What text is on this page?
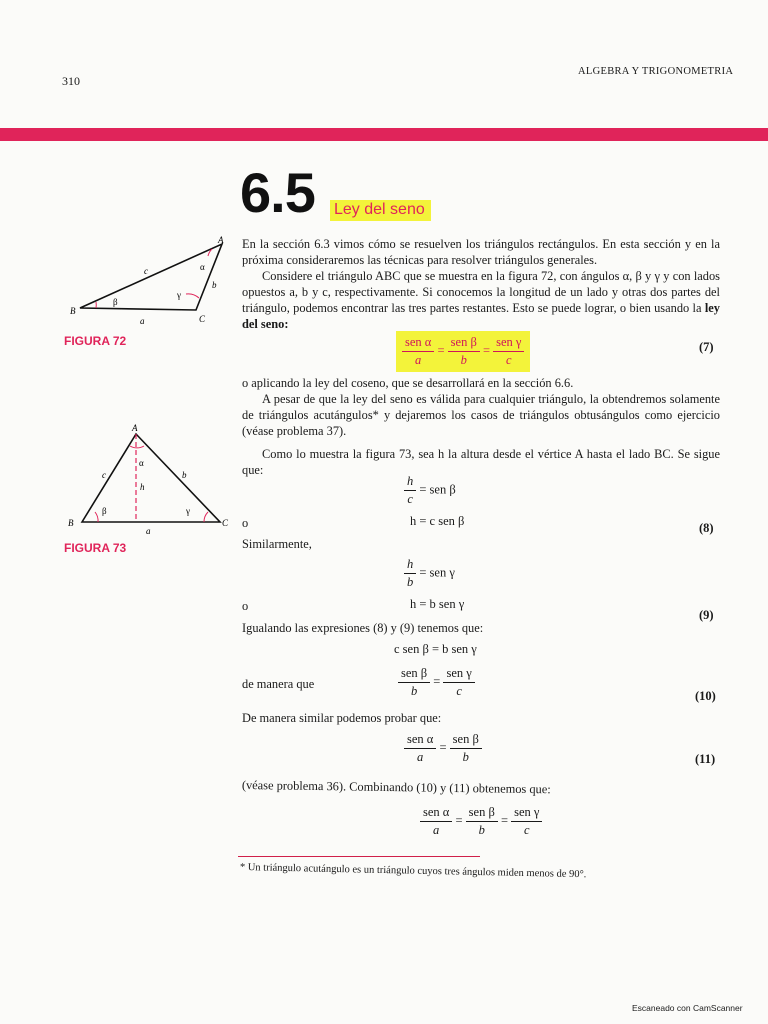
310
ALGEBRA Y TRIGONOMETRIA
6.5 Ley del seno
A
B
C
a
b
c	α
β
γ
FIGURA 72
A
B	C
a
b
c
α
β	γ
h
FIGURA 73
En la sección 6.3 vimos cómo se resuelven los triángulos rectángulos. En esta sección y en la próxima consideraremos las técnicas para resolver triángulos generales.
Considere el triángulo ABC que se muestra en la figura 72, con ángulos α, β y γ y con lados opuestos a, b y c, respectivamente. Si conocemos la longitud de un lado y otras dos partes del triángulo, podemos encontrar las tres partes restantes. Esto se puede lograr, o bien usando la ley del seno:
$\frac{\text{sen α}}{a} = \frac{\text{sen β}}{b} = \frac{\text{sen γ}}{c}$	(7)
o aplicando la ley del coseno, que se desarrollará en la sección 6.6.
A pesar de que la ley del seno es válida para cualquier triángulo, la obtendremos solamente de triángulos acutángulos* y dejaremos los casos de triángulos obtusángulos como ejercicio (véase problema 37).
Como lo muestra la figura 73, sea h la altura desde el vértice A hasta el lado BC. Se sigue que:
$\frac{h}{c}$ = sen β
o	h = c sen β	(8)
Similarmente,
$\frac{h}{b}$ = sen γ
o	h = b sen γ
(9)
Igualando las expresiones (8) y (9) tenemos que:
c sen β = b sen γ
de manera que	$\frac{\text{sen β}}{b} = \frac{\text{sen γ}}{c}$	(10)
De manera similar podemos probar que:
$\frac{\text{sen α}}{a} = \frac{\text{sen β}}{b}$	(11)
(véase problema 36). Combinando (10) y (11) obtenemos que:
$\frac{\text{sen α}}{a} = \frac{\text{sen β}}{b} = \frac{\text{sen γ}}{c}$
* Un triángulo acutángulo es un triángulo cuyos tres ángulos miden menos de 90°.
Escaneado con CamScanner
